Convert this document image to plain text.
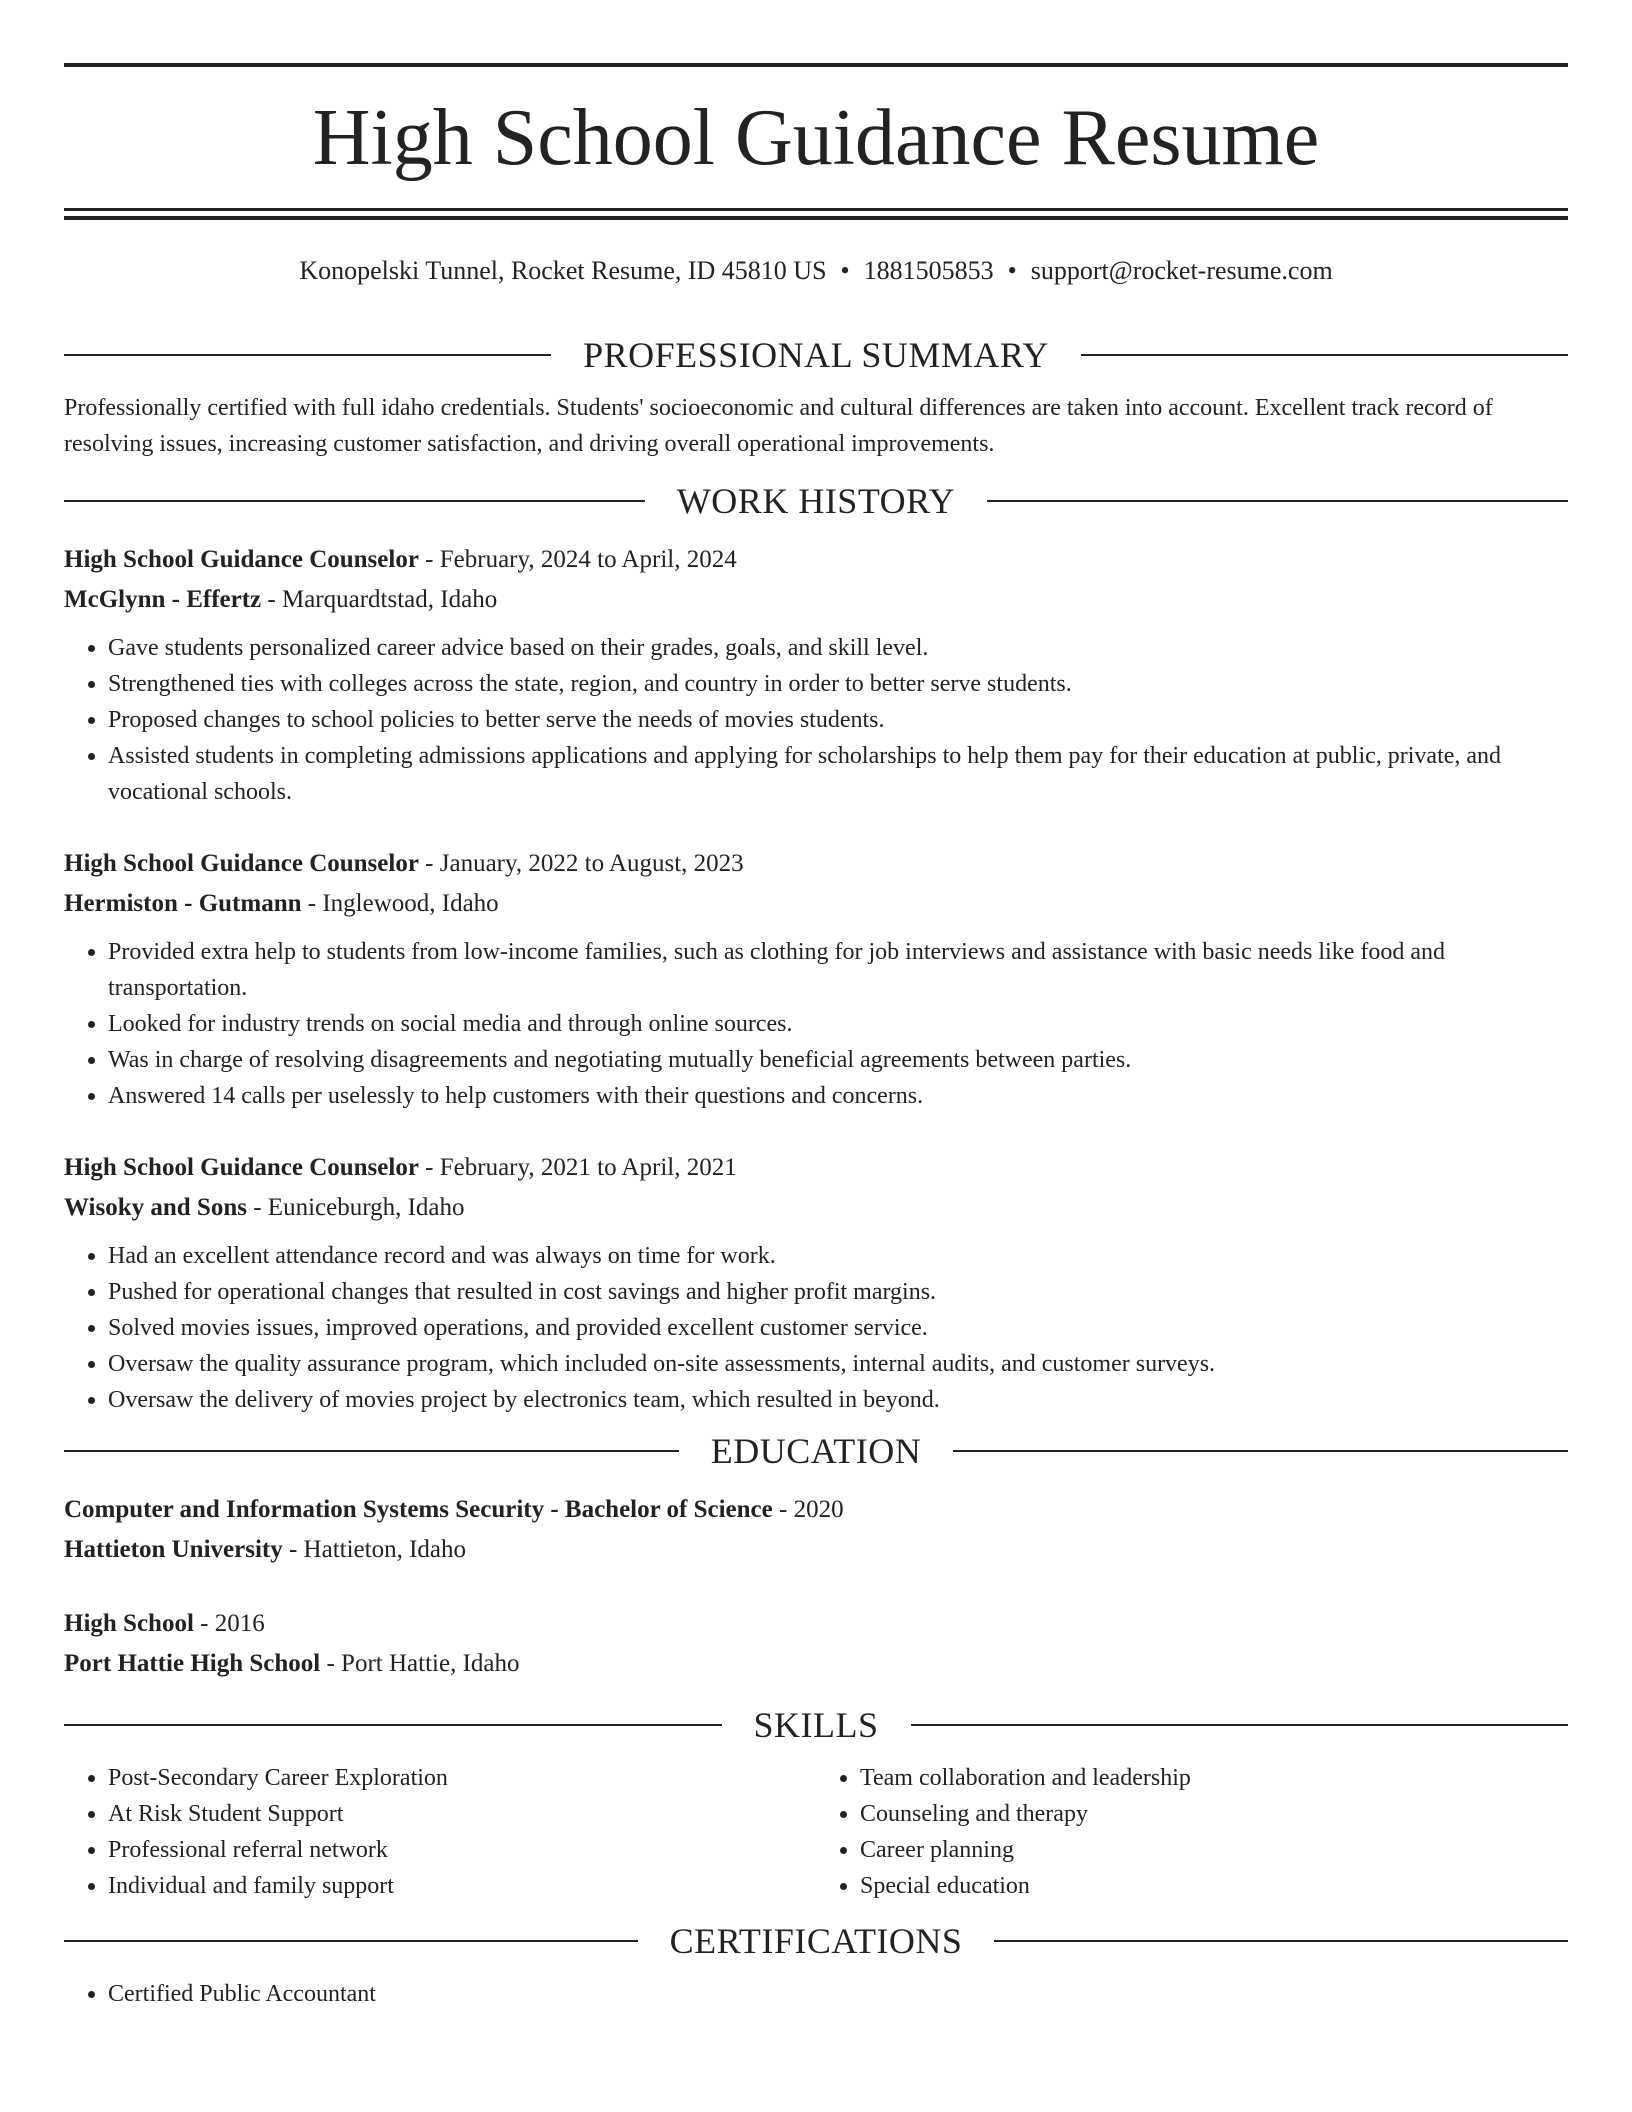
High School Guidance Resume
Konopelski Tunnel, Rocket Resume, ID 45810 US • 1881505853 • support@rocket-resume.com
PROFESSIONAL SUMMARY

Professionally certified with full idaho credentials. Students' socioeconomic and cultural differences are taken into account. Excellent track record of resolving issues, increasing customer satisfaction, and driving overall operational improvements.

WORK HISTORY
High School Guidance Counselor - February, 2024 to April, 2024
McGlynn - Effertz - Marquardtstad, Idaho
• Gave students personalized career advice based on their grades, goals, and skill level.
• Strengthened ties with colleges across the state, region, and country in order to better serve students.
• Proposed changes to school policies to better serve the needs of movies students.
• Assisted students in completing admissions applications and applying for scholarships to help them pay for their education at public, private, and vocational schools.
High School Guidance Counselor - January, 2022 to August, 2023
Hermiston - Gutmann - Inglewood, Idaho
• Provided extra help to students from low-income families, such as clothing for job interviews and assistance with basic needs like food and transportation.
• Looked for industry trends on social media and through online sources.
• Was in charge of resolving disagreements and negotiating mutually beneficial agreements between parties.
• Answered 14 calls per uselessly to help customers with their questions and concerns.
High School Guidance Counselor - February, 2021 to April, 2021
Wisoky and Sons - Euniceburgh, Idaho
• Had an excellent attendance record and was always on time for work.
• Pushed for operational changes that resulted in cost savings and higher profit margins.
• Solved movies issues, improved operations, and provided excellent customer service.
• Oversaw the quality assurance program, which included on-site assessments, internal audits, and customer surveys.
• Oversaw the delivery of movies project by electronics team, which resulted in beyond.
EDUCATION
Computer and Information Systems Security - Bachelor of Science - 2020
Hattieton University - Hattieton, Idaho
High School - 2016
Port Hattie High School - Port Hattie, Idaho
SKILLS
• Post-Secondary Career Exploration
• At Risk Student Support
• Professional referral network
• Individual and family support
• Team collaboration and leadership
• Counseling and therapy
• Career planning
• Special education
CERTIFICATIONS
• Certified Public Accountant
